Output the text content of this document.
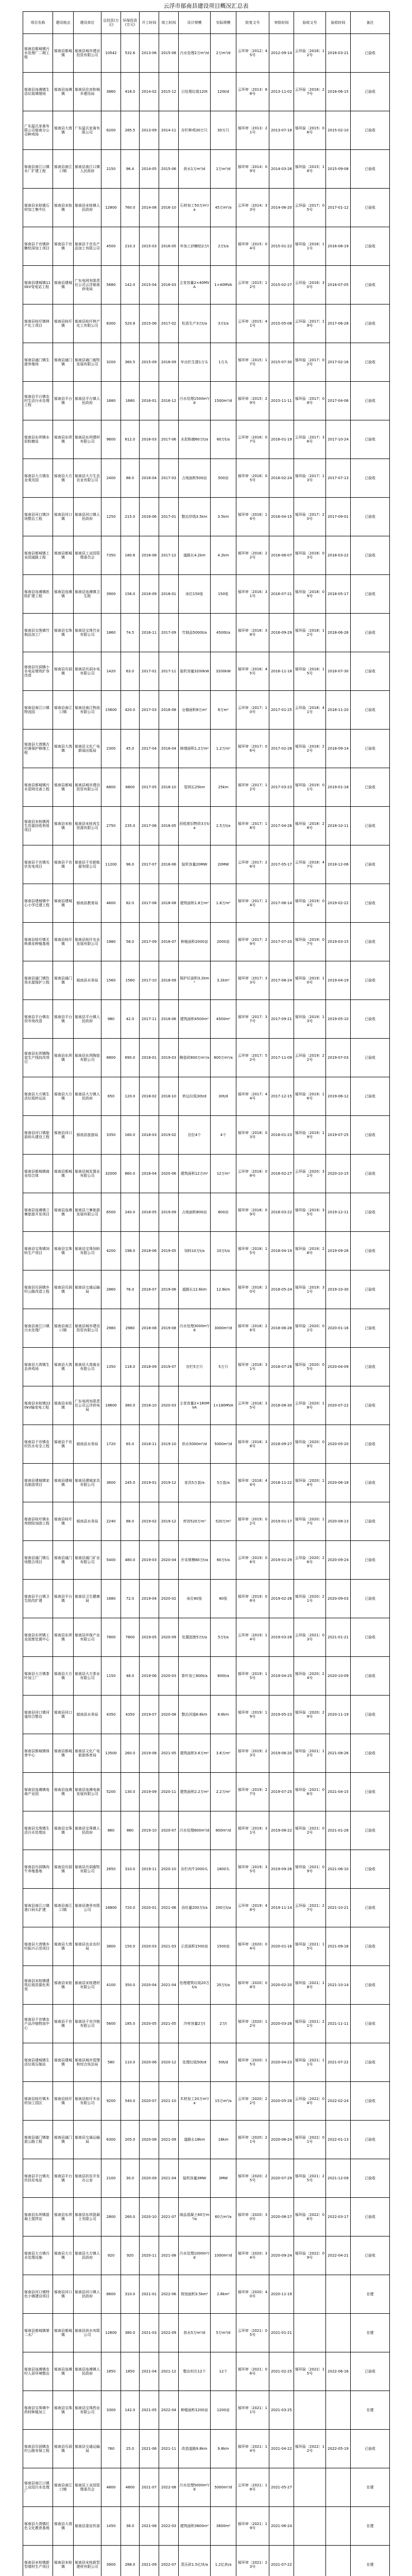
云浮市郁南县建设项目概况汇总表
项目名称	建设地点	建设单位	总投资(万元)	环保投资(万元)	开工时间	竣工时间	设计规模	实际规模	批复文号	审批时间	验收文号	验收时间	备注
郁南县都城镇污水处理厂二期工程	郁南县都城镇	郁南县城市建设投资有限公司	10542	532.6	2013-06	2015-08	污水处理2万m³/d	2万m³/d	云环审〔2012〕45号	2012-09-14	云环验〔2016〕12号	2016-03-21	已验收
郁南县连滩镇生活垃圾填埋场	郁南县连滩镇	郁南县住房和城乡建设局	3860	418.0	2014-02	2015-12	日处理垃圾120t	120t/d	云环审〔2013〕88号	2013-11-02	云环验〔2016〕27号	2016-06-15	已验收
广东温氏家禽有限公司郁南分公司种鸡场	郁南县大湾镇	广东温氏家禽有限公司	6200	285.5	2013-09	2014-11	存栏种鸡30万只	30万只	郁环审〔2013〕21号	2013-07-18	郁环验〔2015〕06号	2015-02-10	已验收
郁南县南江口镇水厂扩建工程	郁南县南江口镇	郁南县南江口镇人民政府	2150	96.4	2014-05	2015-06	供水1万m³/d	1万m³/d	郁环审〔2014〕09号	2014-03-26	郁环验〔2015〕18号	2015-09-08	已验收
郁南县宋桂镇石材加工集中区	郁南县宋桂镇	郁南县宋桂镇人民政府	12800	760.0	2014-08	2016-10	石材加工50万m²/a	45万m²/a	云环审〔2014〕33号	2014-06-20	云环验〔2017〕05号	2017-01-12	已验收
郁南县千官镇砂糖桔深加工项目	郁南县千官镇	郁南县千官农产品加工有限公司	4500	210.3	2015-03	2016-05	年加工砂糖桔2万t	2万t/a	郁环审〔2015〕04号	2015-01-22	郁环验〔2016〕11号	2016-08-19	已验收
郁南县建城镇110kV变电站工程	郁南县建城镇	广东电网有限责任公司云浮郁南供电局	5680	142.0	2015-04	2016-03	主变容量2×40MVA	1×40MVA	云环审〔2015〕12号	2015-02-27	云环验〔2016〕30号	2016-07-05	已验收
郁南县桂圩镇林产化工项目	郁南县桂圩镇	郁南县桂圩林产化工有限公司	8300	520.8	2015-06	2017-02	松香生产3万t/a	3万t/a	云环审〔2015〕41号	2015-05-08	云环验〔2017〕19号	2017-06-28	已验收
郁南县通门镇生猪养殖场	郁南县通门镇	郁南县通门畜牧发展有限公司	3200	360.5	2015-09	2016-09	年出栏生猪1万头	1万头	郁环审〔2015〕17号	2015-07-30	郁环验〔2017〕02号	2017-02-16	已验收
郁南县平台镇农村生活污水处理工程	郁南县平台镇	郁南县平台镇人民政府	1680	1680	2016-01	2016-12	污水处理1500m³/d	1500m³/d	郁环审〔2015〕29号	2015-11-11	郁环验〔2017〕08号	2017-04-06	已验收
郁南县东坝镇水泥粉磨站	郁南县东坝镇	郁南县东坝建材有限公司	9600	612.0	2016-03	2017-06	水泥粉磨60万t/a	60万t/a	云环审〔2016〕07号	2016-01-19	云环验〔2017〕36号	2017-10-24	已验收
郁南县大方镇农业观光园	郁南县大方镇	郁南县大方生态农业有限公司	2400	88.0	2016-04	2017-03	占地面积500亩	500亩	郁环审〔2016〕05号	2016-02-24	郁环验〔2017〕13号	2017-07-13	已验收
郁南县河口镇沙场整治工程	郁南县河口镇	郁南县河口镇人民政府	1250	215.0	2016-06	2017-01	整治岸线3.5km	3.5km	郁环审〔2016〕14号	2016-04-15	郁环验〔2017〕20号	2017-09-01	已验收
郁南县都城镇工业园道路工程	郁南县都城镇	郁南县工业园管理委员会	7350	180.6	2016-08	2017-12	道路长4.2km	4.2km	郁环审〔2016〕22号	2016-06-07	郁环验〔2018〕03号	2018-03-22	已验收
郁南县连滩镇医院扩建工程	郁南县连滩镇	郁南县连滩镇卫生院	3900	156.0	2016-09	2018-01	床位150张	150张	郁环审〔2016〕31号	2016-07-21	郁环验〔2018〕09号	2018-05-17	已验收
郁南县宝珠镇竹制品加工厂	郁南县宝珠镇	郁南县宝珠竹业有限公司	1860	74.5	2016-11	2017-09	竹制品5000t/a	4500t/a	郁环审〔2016〕38号	2016-09-29	郁环验〔2018〕12号	2018-06-26	已验收
郁南县历洞镇小水电站增效扩容改造	郁南县历洞镇	郁南县历洞水电有限公司	1420	63.0	2017-01	2017-11	装机容量3200kW	3200kW	郁环审〔2016〕45号	2016-11-18	郁环验〔2018〕15号	2018-07-30	已验收
郁南县南江口镇物流园	郁南县南江口镇	郁南县南江物流有限公司	15600	420.0	2017-03	2018-08	仓储面积8万m²	6万m²	云环审〔2017〕10号	2017-01-25	云环验〔2018〕41号	2018-11-20	已验收
郁南县大湾镇古村落保护修缮工程	郁南县大湾镇	郁南县文化广电新闻出版局	2300	45.0	2017-04	2018-04	修缮面积1.2万m²	1.2万m²	郁环审〔2017〕06号	2017-02-28	郁环验〔2018〕22号	2018-09-14	已验收
郁南县都城镇污水管网完善工程	郁南县都城镇	郁南县城市建设投资有限公司	6800	6800	2017-05	2018-10	管网长25km	25km	郁环审〔2017〕12号	2017-03-23	郁环验〔2019〕01号	2019-01-18	已验收
郁南县宋桂镇再生资源回收利用项目	郁南县宋桂镇	郁南县宋桂再生资源有限公司	2750	235.0	2017-06	2018-05	回收废旧物资3万t/a	2.5万t/a	郁环审〔2017〕18号	2017-04-26	郁环验〔2018〕28号	2018-10-11	已验收
郁南县千官镇光伏发电项目	郁南县千官镇	郁南县千官新能源有限公司	11200	96.0	2017-07	2018-06	装机容量20MW	20MW	云环审〔2017〕26号	2017-05-17	云环验〔2018〕47号	2018-12-06	已验收
郁南县建城镇中心小学迁建工程	郁南县建城镇	郁南县教育局	4600	82.0	2017-08	2018-08	建筑面积1.8万m²	1.8万m²	郁环审〔2017〕24号	2017-06-14	郁环验〔2019〕04号	2019-02-22	已验收
郁南县桂圩镇无核黄皮种植基地	郁南县桂圩镇	郁南县桂圩农业发展有限公司	1980	58.0	2017-09	2018-07	种植面积2000亩	2000亩	郁环审〔2017〕29号	2017-07-20	郁环验〔2019〕07号	2019-03-15	已验收
郁南县通门镇饮用水源保护工程	郁南县通门镇	郁南县水务局	1560	1560	2017-10	2018-09	保护区面积3.2km²	3.2km²	郁环审〔2017〕33号	2017-08-24	郁环验〔2019〕10号	2019-04-19	已验收
郁南县平台镇农贸市场改造	郁南县平台镇	郁南县平台镇人民政府	980	42.0	2017-11	2018-06	建筑面积4500m²	4500m²	郁环审〔2017〕37号	2017-09-21	郁环验〔2019〕13号	2019-05-10	已验收
郁南县东坝镇陶瓷生产线技改项目	郁南县东坝镇	郁南县东坝陶瓷有限公司	8800	690.0	2018-01	2019-03	陶瓷砖800万m²/a	800万m²/a	云环审〔2017〕52号	2017-11-09	云环验〔2019〕22号	2019-07-03	已验收
郁南县大方镇生活垃圾转运站	郁南县大方镇	郁南县大方镇人民政府	650	120.0	2018-02	2018-10	转运垃圾30t/d	30t/d	郁环审〔2017〕44号	2017-12-15	郁环验〔2019〕16号	2019-06-12	已验收
郁南县河口镇旅游码头建设工程	郁南县河口镇	郁南县旅游局	3350	160.0	2018-03	2019-02	泊位4个	4个	郁环审〔2018〕03号	2018-01-23	郁环验〔2019〕19号	2019-07-25	已验收
郁南县都城镇商业综合体	郁南县都城镇	郁南县城发置业有限公司	32000	860.0	2018-04	2020-06	建筑面积12万m²	12万m²	云环审〔2018〕08号	2018-02-27	云环验〔2020〕31号	2020-10-15	已验收
郁南县连滩镇兰寨旅游开发项目	郁南县连滩镇	郁南县兰寨旅游发展有限公司	6500	240.0	2018-05	2019-09	占地面积800亩	800亩	郁环审〔2018〕09号	2018-03-22	郁环验〔2019〕35号	2019-12-11	已验收
郁南县宝珠镇饲料生产项目	郁南县宝珠镇	郁南县宝珠饲料有限公司	4200	198.0	2018-06	2019-05	饲料10万t/a	10万t/a	郁环审〔2018〕15号	2018-04-19	郁环验〔2019〕28号	2019-09-26	已验收
郁南县历洞镇乡村公路改造工程	郁南县历洞镇	郁南县交通运输局	2860	76.0	2018-07	2019-06	道路长12.6km	12.6km	郁环审〔2018〕20号	2018-05-24	郁环验〔2019〕31号	2019-10-30	已验收
郁南县南江口镇污水处理厂	郁南县南江口镇	郁南县城市建设投资有限公司	2980	2980	2018-08	2019-08	污水处理3000m³/d	3000m³/d	郁环审〔2018〕26号	2018-06-28	郁环验〔2020〕02号	2020-01-16	已验收
郁南县大湾镇生态养鸡场	郁南县大湾镇	郁南县大湾禽业有限公司	1350	118.0	2018-09	2019-07	存栏5万只	5万只	郁环审〔2018〕31号	2018-07-26	郁环验〔2020〕05号	2020-04-09	已验收
郁南县宋桂镇220kV输变电工程	郁南县宋桂镇	广东电网有限责任公司云浮供电局	18600	380.0	2018-10	2020-03	主变容量2×180MVA	1×180MVA	云环审〔2018〕35号	2018-08-30	云环验〔2020〕18号	2020-07-22	已验收
郁南县千官镇农村饮水安全工程	郁南县千官镇	郁南县水务局	1720	65.0	2018-11	2019-10	供水5000m³/d	5000m³/d	郁环审〔2018〕38号	2018-09-27	郁环验〔2020〕09号	2020-05-20	已验收
郁南县建城镇家具制造项目	郁南县建城镇	郁南县建城家具有限公司	3600	245.0	2019-01	2019-12	家具5万套/a	5万套/a	郁环审〔2018〕44号	2018-11-22	郁环验〔2020〕14号	2020-06-18	已验收
郁南县桂圩镇水库除险加固工程	郁南县桂圩镇	郁南县水务局	2240	88.0	2019-02	2019-12	库容520万m³	520万m³	郁环审〔2019〕02号	2019-01-17	郁环验〔2020〕17号	2020-08-13	已验收
郁南县通门镇石场整合项目	郁南县通门镇	郁南县通门矿业有限公司	5400	480.0	2019-03	2020-04	开采规模80万t/a	60万t/a	云环审〔2019〕06号	2019-01-29	云环验〔2020〕26号	2020-09-24	已验收
郁南县平台镇卫生院改扩建	郁南县平台镇	郁南县卫生健康局	1680	72.0	2019-04	2020-02	床位80张	80张	郁环审〔2019〕08号	2019-02-26	郁环验〔2020〕21号	2020-09-03	已验收
郁南县东坝镇工业固废处置中心	郁南县东坝镇	郁南县环保产业有限公司	7800	7800	2019-05	2020-09	处置固废5万t/a	5万t/a	云环审〔2019〕14号	2019-03-28	云环验〔2021〕03号	2021-01-21	已验收
郁南县大方镇茶叶加工厂	郁南县大方镇	郁南县大方茶业有限公司	1150	48.0	2019-06	2020-03	茶叶加工800t/a	800t/a	郁环审〔2019〕15号	2019-04-25	郁环验〔2020〕24号	2020-10-09	已验收
郁南县河口镇河道综合整治	郁南县河口镇	郁南县水务局	4350	4350	2019-07	2020-08	整治河道8.6km	8.6km	郁环审〔2019〕19号	2019-05-23	郁环验〔2020〕29号	2020-11-19	已验收
郁南县都城镇体育中心	郁南县都城镇	郁南县文化广电旅游体育局	13500	260.0	2019-08	2021-05	建筑面积3.6万m²	3.6万m²	郁环审〔2019〕23号	2019-06-20	郁环验〔2021〕12号	2021-08-26	已验收
郁南县连滩镇电商产业园	郁南县连滩镇	郁南县连滩电商发展有限公司	5200	130.0	2019-09	2020-11	建筑面积2.2万m²	2.2万m²	郁环审〔2019〕27号	2019-07-25	郁环验〔2021〕06号	2021-04-15	已验收
郁南县宝珠镇生活污水处理站	郁南县宝珠镇	郁南县宝珠镇人民政府	860	860	2019-10	2020-07	污水处理800m³/d	800m³/d	郁环审〔2019〕31号	2019-08-22	郁环验〔2021〕02号	2021-01-28	已验收
郁南县历洞镇肉牛养殖基地	郁南县历洞镇	郁南县历洞畜牧有限公司	2650	310.0	2019-11	2020-10	存栏肉牛2000头	1800头	郁环审〔2019〕35号	2019-09-26	郁环验〔2021〕09号	2021-06-10	已验收
郁南县南江口镇港口码头扩建	郁南县南江口镇	郁南县港务有限公司	16800	720.0	2020-01	2021-06	吞吐量200万t/a	200万t/a	云环审〔2019〕48号	2019-11-14	云环验〔2021〕27号	2021-10-21	已验收
郁南县大湾镇乡村振兴示范项目	郁南县大湾镇	郁南县农业农村局	3800	150.0	2020-03	2021-03	示范面积1500亩	1500亩	郁环审〔2020〕04号	2020-01-16	郁环验〔2021〕15号	2021-09-16	已验收
郁南县宋桂镇建筑垃圾资源化利用	郁南县宋桂镇	郁南县宋桂建材有限公司	4100	350.0	2020-04	2021-04	处理建筑垃圾20万t/a	20万t/a	郁环审〔2020〕08号	2020-02-20	郁环验〔2021〕18号	2021-10-14	已验收
郁南县千官镇农产品冷链物流中心	郁南县千官镇	郁南县千官冷链有限公司	5600	185.0	2020-05	2021-05	冷库容量2万t	2万t	郁环审〔2020〕12号	2020-03-26	郁环验〔2021〕21号	2021-11-11	已验收
郁南县建城镇生活垃圾压缩站	郁南县建城镇	郁南县城市管理和综合执法局	580	110.0	2020-06	2020-12	处理垃圾50t/d	50t/d	郁环审〔2020〕15号	2020-04-23	郁环验〔2021〕11号	2021-07-22	已验收
郁南县桂圩镇木材加工园区	郁南县桂圩镇	郁南县桂圩木业有限公司	9200	540.0	2020-07	2021-10	木材加工20万m³/a	15万m³/a	云环审〔2020〕22号	2020-05-28	云环验〔2022〕04号	2022-02-24	已验收
郁南县通门镇旅游公路工程	郁南县通门镇	郁南县交通运输局	6300	205.0	2020-08	2021-09	道路长18km	18km	郁环审〔2020〕21号	2020-06-24	郁环验〔2022〕01号	2022-01-13	已验收
郁南县平台镇光伏扶贫电站	郁南县平台镇	郁南县扶贫开发办公室	2100	30.0	2020-09	2021-04	装机容量3MW	3MW	郁环审〔2020〕25号	2020-07-29	郁环验〔2021〕25号	2021-12-09	已验收
郁南县东坝镇混凝土搅拌站	郁南县东坝镇	郁南县东坝混凝土有限公司	2800	260.0	2020-10	2021-07	商品混凝土60万m³/a	60万m³/a	郁环审〔2020〕30号	2020-08-27	郁环验〔2022〕06号	2022-03-17	已验收
郁南县大方镇污水处理设施	郁南县大方镇	郁南县大方镇人民政府	920	920	2020-11	2021-08	污水处理1000m³/d	1000m³/d	郁环审〔2020〕34号	2020-09-24	郁环验〔2022〕09号	2022-04-21	已验收
郁南县河口镇特色小镇建设项目	郁南县河口镇	郁南县河口镇人民政府	8600	310.0	2021-01	2022-06	规划面积3.5km²	2.8km²	郁环审〔2020〕40号	2020-11-19			在建
郁南县都城镇第二水厂	郁南县都城镇	郁南县供水有限公司	12600	380.0	2021-03	2022-09	供水5万m³/d	5万m³/d	云环审〔2021〕05号	2021-01-21			在建
郁南县连滩镇农村人居环境整治	郁南县连滩镇	郁南县连滩镇人民政府	1850	1850	2021-04	2021-12	整治村庄12个	12个	郁环审〔2021〕06号	2021-02-25	郁环验〔2022〕15号	2022-06-16	已验收
郁南县宝珠镇中药材种植加工	郁南县宝珠镇	郁南县宝珠药业有限公司	3300	142.0	2021-05	2022-04	种植面积1200亩	1200亩	郁环审〔2021〕11号	2021-03-25			在建
郁南县历洞镇农村公路安保工程	郁南县历洞镇	郁南县交通运输局	760	25.0	2021-06	2021-11	改造道路9.8km	9.8km	郁环审〔2021〕14号	2021-04-22	郁环验〔2022〕12号	2022-05-19	已验收
郁南县南江口镇工业园污水处理厂	郁南县南江口镇	郁南县工业园管理委员会	4800	4800	2021-07	2022-08	污水处理5000m³/d	5000m³/d	云环审〔2021〕18号	2021-05-27			在建
郁南县大湾镇红色文化教育基地	郁南县大湾镇	郁南县委宣传部	1450	38.0	2021-08	2022-03	建筑面积3600m²	3600m²	郁环审〔2021〕19号	2021-06-24			在建
郁南县宋桂镇新型墙材生产项目	郁南县宋桂镇	郁南县宋桂新型建材有限公司	3900	288.0	2021-09	2022-07	蒸压砖1.5亿块/a	1.2亿块/a	郁环审〔2021〕23号	2021-07-22			在建
